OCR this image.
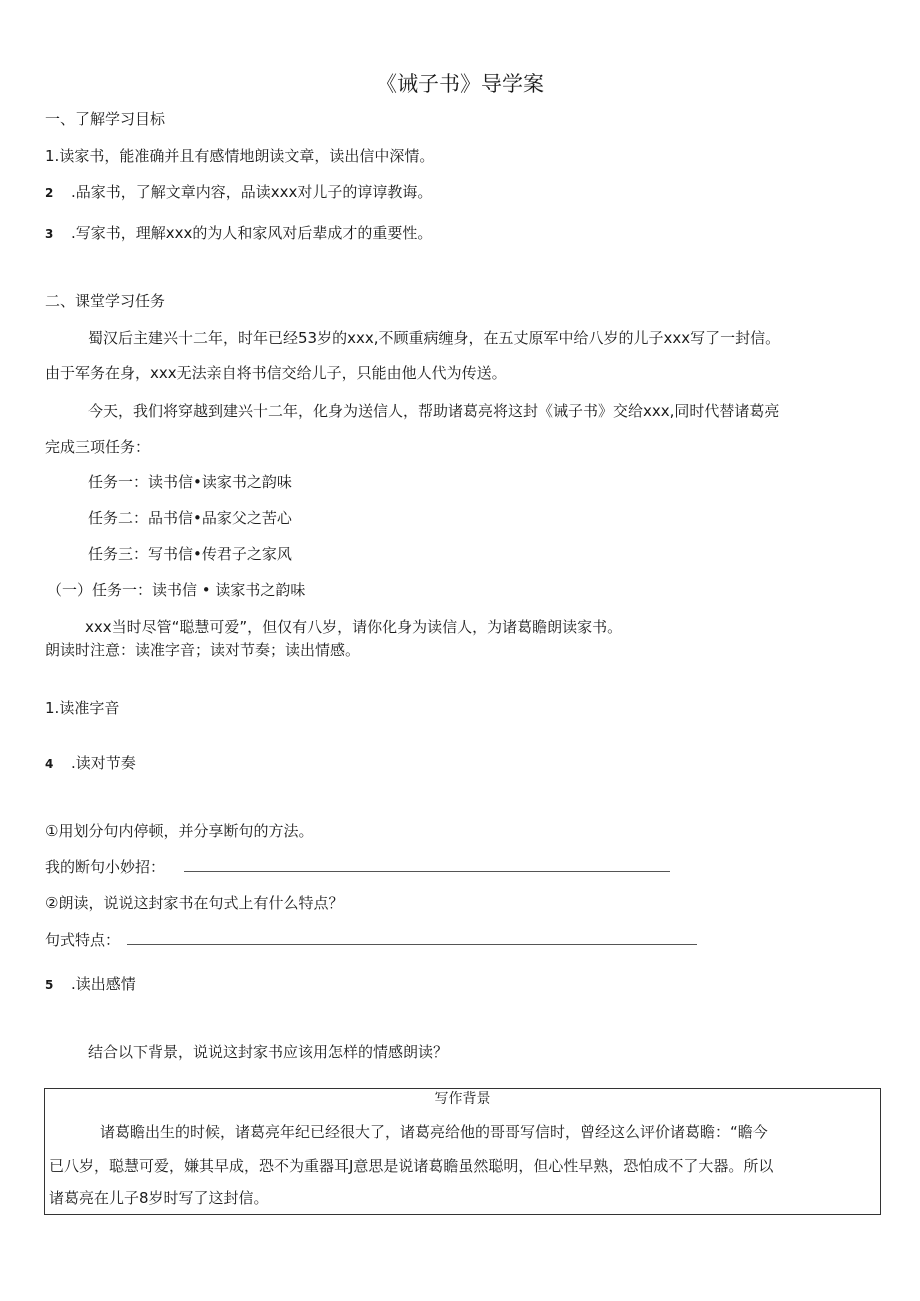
《诫子书》导学案
一、了解学习目标
1.读家书，能准确并且有感情地朗读文章，读出信中深情。
2 .品家书，了解文章内容，品读xxx对儿子的谆谆教诲。
3 .写家书，理解xxx的为人和家风对后辈成才的重要性。
二、课堂学习任务
蜀汉后主建兴十二年，时年已经53岁的xxx,不顾重病缠身，在五丈原军中给八岁的儿子xxx写了一封信。
由于军务在身，xxx无法亲自将书信交给儿子，只能由他人代为传送。
今天，我们将穿越到建兴十二年，化身为送信人，帮助诸葛亮将这封《诫子书》交给xxx,同时代替诸葛亮
完成三项任务：
任务一：读书信•读家书之韵味
任务二：品书信•品家父之苦心
任务三：写书信•传君子之家风
（一）任务一：读书信 • 读家书之韵味
xxx当时尽管“聪慧可爱”，但仅有八岁，请你化身为读信人，为诸葛瞻朗读家书。
朗读时注意：读准字音；读对节奏；读出情感。
1.读准字音
4 .读对节奏
①用划分句内停顿，并分享断句的方法。
我的断句小妙招：
②朗读，说说这封家书在句式上有什么特点？
句式特点：
5 .读出感情
结合以下背景，说说这封家书应该用怎样的情感朗读？
写作背景
诸葛瞻出生的时候，诸葛亮年纪已经很大了，诸葛亮给他的哥哥写信时，曾经这么评价诸葛瞻：“瞻今
已八岁，聪慧可爱，嫌其早成，恐不为重器耳J意思是说诸葛瞻虽然聪明，但心性早熟，恐怕成不了大器。所以
诸葛亮在儿子8岁时写了这封信。
